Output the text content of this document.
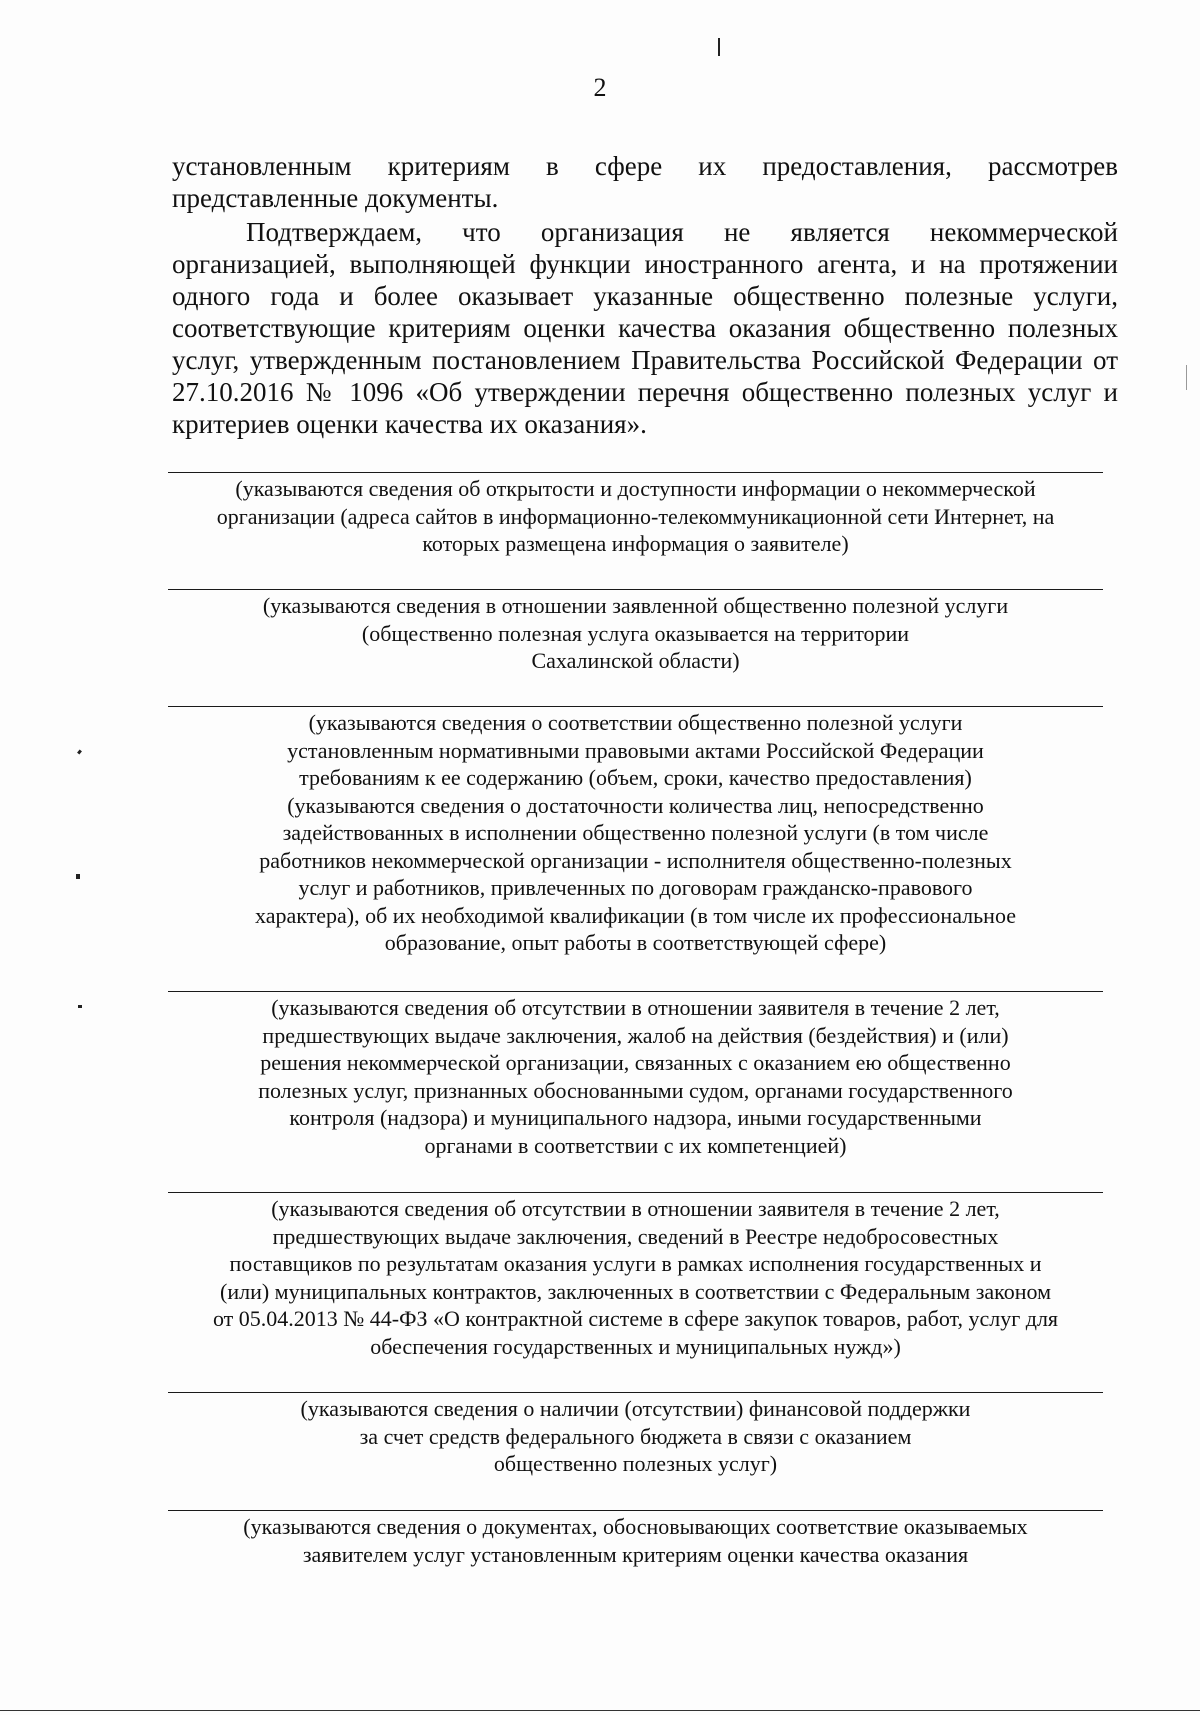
2

установленным критериям в сфере их предоставления, рассмотрев представленные документы.

Подтверждаем, что организация не является некоммерческой организацией, выполняющей функции иностранного агента, и на протяжении одного года и более оказывает указанные общественно полезные услуги, соответствующие критериям оценки качества оказания общественно полезных услуг, утвержденным постановлением Правительства Российской Федерации от 27.10.2016 № 1096 «Об утверждении перечня общественно полезных услуг и критериев оценки качества их оказания».

(указываются сведения об открытости и доступности информации о некоммерческой
организации (адреса сайтов в информационно-телекоммуникационной сети Интернет, на
которых размещена информация о заявителе)

(указываются сведения в отношении заявленной общественно полезной услуги
(общественно полезная услуга оказывается на территории
Сахалинской области)

(указываются сведения о соответствии общественно полезной услуги
установленным нормативными правовыми актами Российской Федерации
требованиям к ее содержанию (объем, сроки, качество предоставления)
(указываются сведения о достаточности количества лиц, непосредственно
задействованных в исполнении общественно полезной услуги (в том числе
работников некоммерческой организации - исполнителя общественно-полезных
услуг и работников, привлеченных по договорам гражданско-правового
характера), об их необходимой квалификации (в том числе их профессиональное
образование, опыт работы в соответствующей сфере)

(указываются сведения об отсутствии в отношении заявителя в течение 2 лет,
предшествующих выдаче заключения, жалоб на действия (бездействия) и (или)
решения некоммерческой организации, связанных с оказанием ею общественно
полезных услуг, признанных обоснованными судом, органами государственного
контроля (надзора) и муниципального надзора, иными государственными
органами в соответствии с их компетенцией)

(указываются сведения об отсутствии в отношении заявителя в течение 2 лет,
предшествующих выдаче заключения, сведений в Реестре недобросовестных
поставщиков по результатам оказания услуги в рамках исполнения государственных и
(или) муниципальных контрактов, заключенных в соответствии с Федеральным законом
от 05.04.2013 № 44-ФЗ «О контрактной системе в сфере закупок товаров, работ, услуг для
обеспечения государственных и муниципальных нужд»)

(указываются сведения о наличии (отсутствии) финансовой поддержки
за счет средств федерального бюджета в связи с оказанием
общественно полезных услуг)

(указываются сведения о документах, обосновывающих соответствие оказываемых
заявителем услуг установленным критериям оценки качества оказания
